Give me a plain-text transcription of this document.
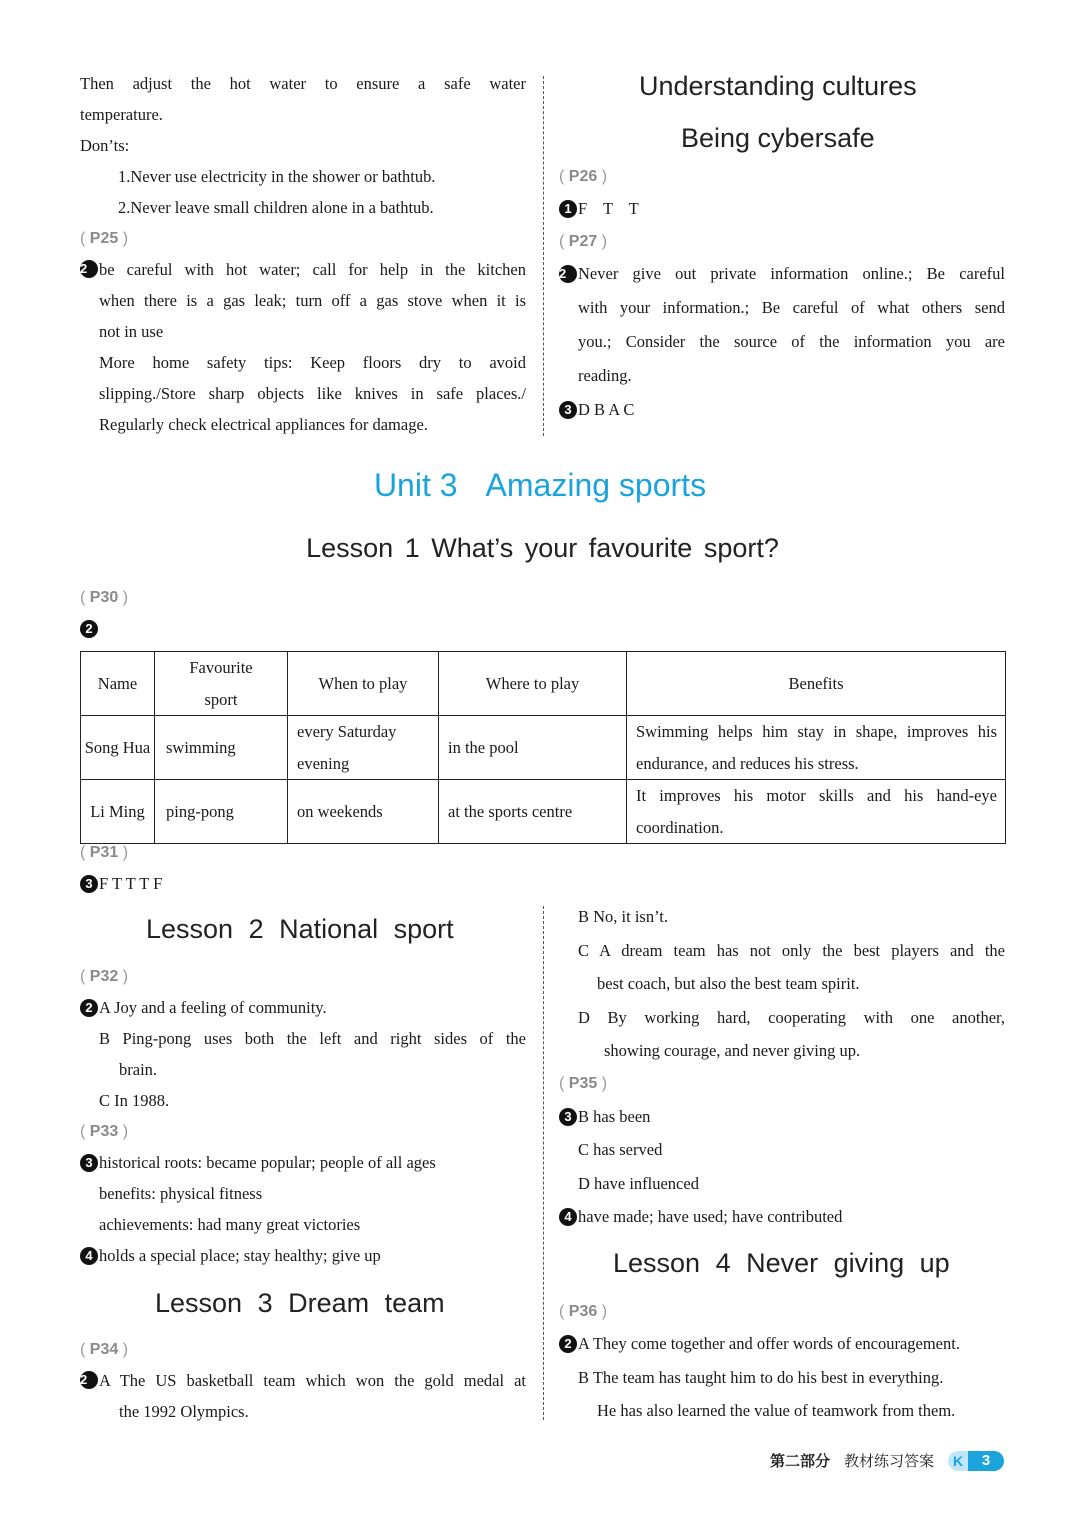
Then adjust the hot water to ensure a safe water
temperature.
Don’ts:
1.Never use electricity in the shower or bathtub.
2.Never leave small children alone in a bathtub.
( P25 )
2 be careful with hot water; call for help in the kitchen
when there is a gas leak; turn off a gas stove when it is
not in use
More home safety tips: Keep floors dry to avoid
slipping./Store sharp objects like knives in safe places./
Regularly check electrical appliances for damage.
Understanding cultures
Being cybersafe
( P26 )
1 F T T
( P27 )
2 Never give out private information online.; Be careful
with your information.; Be careful of what others send
you.; Consider the source of the information you are
reading.
3 D B A C
Unit 3 Amazing sports
Lesson 1 What’s your favourite sport?
( P30 )
2
Name	Favourite sport	When to play	Where to play	Benefits
Song Hua	swimming	every Saturday evening	in the pool	Swimming helps him stay in shape, improves his endurance, and reduces his stress.
Li Ming	ping-pong	on weekends	at the sports centre	It improves his motor skills and his hand-eye coordination.
( P31 )
3 F T T T F
Lesson 2 National sport
( P32 )
2 A Joy and a feeling of community.
B Ping-pong uses both the left and right sides of the
brain.
C In 1988.
( P33 )
3 historical roots: became popular; people of all ages
benefits: physical fitness
achievements: had many great victories
4 holds a special place; stay healthy; give up
Lesson 3 Dream team
( P34 )
2 A The US basketball team which won the gold medal at
the 1992 Olympics.
B No, it isn’t.
C A dream team has not only the best players and the
best coach, but also the best team spirit.
D By working hard, cooperating with one another,
showing courage, and never giving up.
( P35 )
3 B has been
C has served
D have influenced
4 have made; have used; have contributed
Lesson 4 Never giving up
( P36 )
2 A They come together and offer words of encouragement.
B The team has taught him to do his best in everything.
He has also learned the value of teamwork from them.
第二部分 教材练习答案	K	3
